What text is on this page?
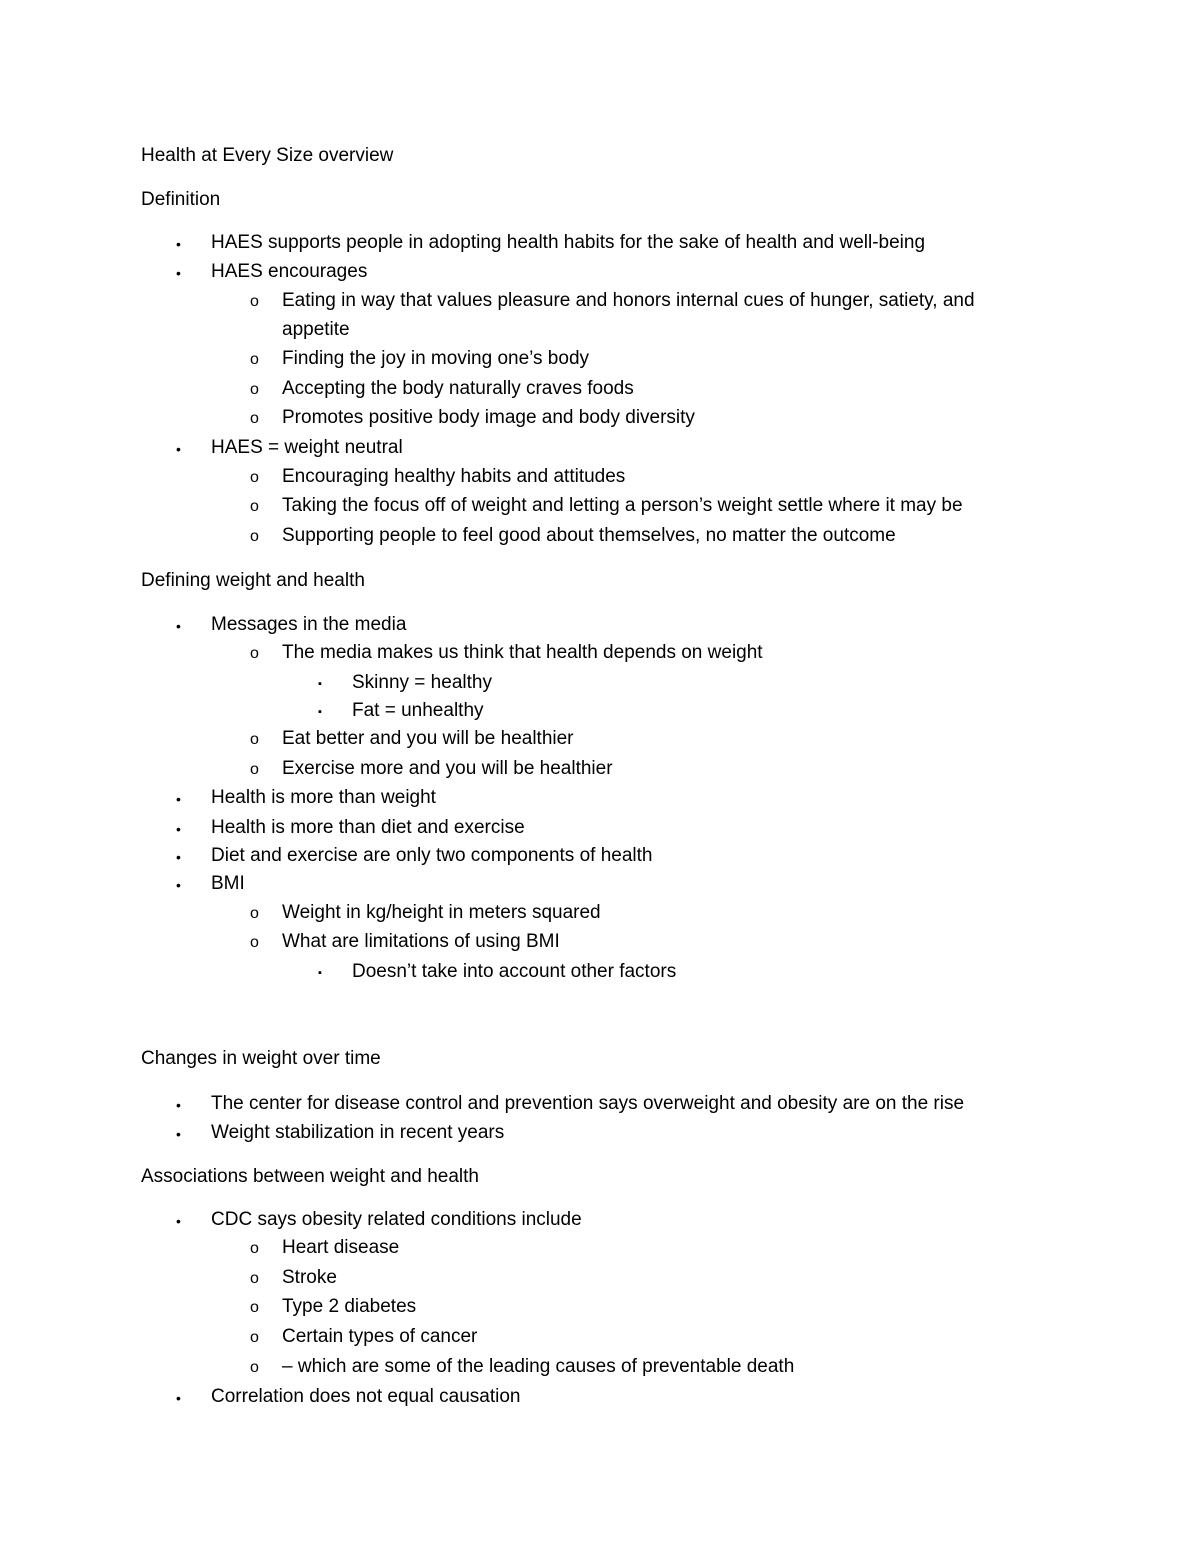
Health at Every Size overview
Definition
• HAES supports people in adopting health habits for the sake of health and well-being
• HAES encourages
o Eating in way that values pleasure and honors internal cues of hunger, satiety, and
appetite
o Finding the joy in moving one’s body
o Accepting the body naturally craves foods
o Promotes positive body image and body diversity
• HAES = weight neutral
o Encouraging healthy habits and attitudes
o Taking the focus off of weight and letting a person’s weight settle where it may be
o Supporting people to feel good about themselves, no matter the outcome
Defining weight and health
• Messages in the media
o The media makes us think that health depends on weight
▪ Skinny = healthy
▪ Fat = unhealthy
o Eat better and you will be healthier
o Exercise more and you will be healthier
• Health is more than weight
• Health is more than diet and exercise
• Diet and exercise are only two components of health
• BMI
o Weight in kg/height in meters squared
o What are limitations of using BMI
▪ Doesn’t take into account other factors
Changes in weight over time
• The center for disease control and prevention says overweight and obesity are on the rise
• Weight stabilization in recent years
Associations between weight and health
• CDC says obesity related conditions include
o Heart disease
o Stroke
o Type 2 diabetes
o Certain types of cancer
o – which are some of the leading causes of preventable death
• Correlation does not equal causation
